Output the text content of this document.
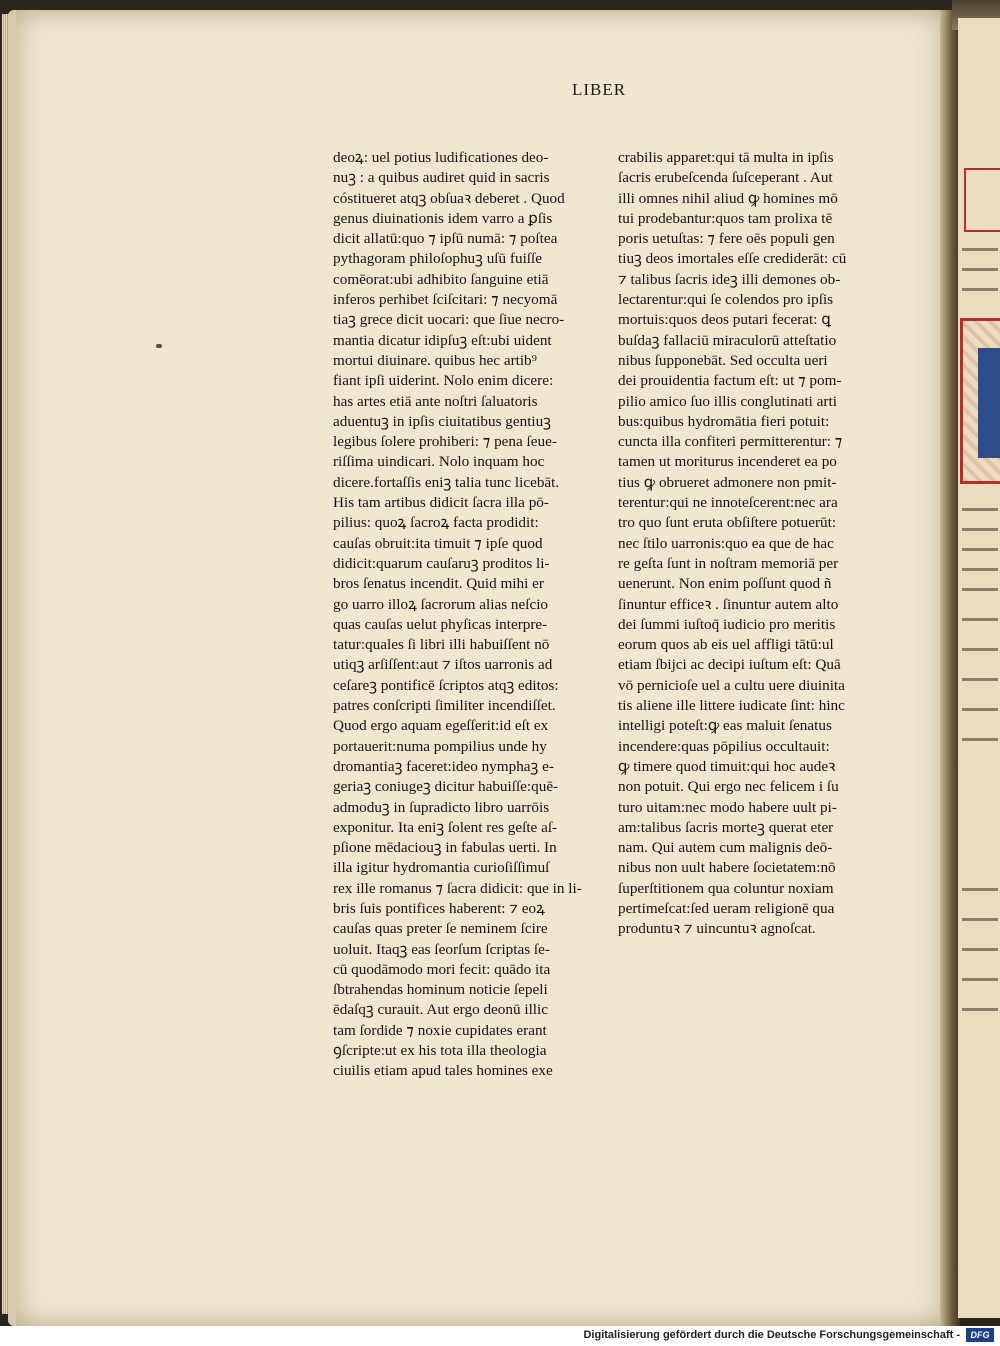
LIBER
deoꝝ: uel potius ludificationes deo-
nuꝫ : a quibus audiret quid in sacris
cóstitueret atqꝫ obſuaꝛ deberet . Quod
genus diuinationis idem varro a ꝑſis
dicit allatū:quo ⁊ ipſū numā: ⁊ poſtea
pythagoram philoſophuꝫ uſū fuiſſe
comēorat:ubi adhibito ſanguine etiā
inferos perhibet ſciſcitari: ⁊ necyomā
tiaꝫ grece dicit uocari: que ſiue necro-
mantia dicatur idipſuꝫ eſt:ubi uident
mortui diuinare. quibus hec artib⁹
fiant ipſi uiderint. Nolo enim dicere:
has artes etiā ante noſtri ſaluatoris
aduentuꝫ in ipſis ciuitatibus gentiuꝫ
legibus ſolere prohiberi: ⁊ pena ſeue-
riſſima uindicari. Nolo inquam hoc
dicere.fortaſſis eniꝫ talia tunc licebāt.
His tam artibus didicit ſacra illa pō-
pilius: quoꝝ ſacroꝝ facta prodidit:
cauſas obruit:ita timuit ⁊ ipſe quod
didicit:quarum cauſaruꝫ proditos li-
bros ſenatus incendit. Quid mihi er
go uarro illoꝝ ſacrorum alias neſcio
quas cauſas uelut phyſicas interpre-
tatur:quales ſi libri illi habuiſſent nō
utiqꝫ arſiſſent:aut ⁊ iſtos uarronis ad
ceſareꝫ pontificē ſcriptos atqꝫ editos:
patres conſcripti ſimiliter incendiſſet.
Quod ergo aquam egeſſerit:id eſt ex
portauerit:numa pompilius unde hy
dromantiaꝫ faceret:ideo nymphaꝫ e-
geriaꝫ coniugeꝫ dicitur habuiſſe:quē-
admoduꝫ in ſupradicto libro uarrōis
exponitur. Ita eniꝫ ſolent res geſte aſ-
pſione mēdaciouꝫ in fabulas uerti. In
illa igitur hydromantia curioſiſſimuſ
rex ille romanus ⁊ ſacra didicit: que in li-
bris ſuis pontifices haberent: ⁊ eoꝝ
cauſas quas preter ſe neminem ſcire
uoluit. Itaqꝫ eas ſeorſum ſcriptas ſe-
cū quodāmodo mori fecit: quādo ita
ſbtrahendas hominum noticie ſepeli
ēdaſqꝫ curauit. Aut ergo deonū illic
tam ſordide ⁊ noxie cupidates erant
ꝯſcripte:ut ex his tota illa theologia
ciuilis etiam apud tales homines exe
crabilis apparet:qui tā multa in ipſis
ſacris erubeſcenda ſuſceperant . Aut
illi omnes nihil aliud ꝙ homines mō
tui prodebantur:quos tam prolixa tē
poris uetuſtas: ⁊ fere oēs populi gen
tiuꝫ deos imortales eſſe crediderāt: cū
⁊ talibus ſacris ideꝫ illi demones ob-
lectarentur:qui ſe colendos pro ipſis
mortuis:quos deos putari fecerat: ꝗ
buſdaꝫ fallaciū miraculorū atteſtatio
nibus ſupponebāt. Sed occulta ueri
dei prouidentia factum eſt: ut ⁊ pom-
pilio amico ſuo illis conglutinati arti
bus:quibus hydromātia fieri potuit:
cuncta illa confiteri permitterentur: ⁊
tamen ut moriturus incenderet ea po
tius ꝙ obrueret admonere non pmit-
terentur:qui ne innoteſcerent:nec ara
tro quo ſunt eruta obſiſtere potuerūt:
nec ſtilo uarronis:quo ea que de hac
re geſta ſunt in noſtram memoriā per
uenerunt. Non enim poſſunt quod ñ
ſinuntur efficeꝛ . ſinuntur autem alto
dei ſummi iuſtoq̄ iudicio pro meritis
eorum quos ab eis uel affligi tātū:ul
etiam ſbijci ac decipi iuſtum eſt: Quā
vō pernicioſe uel a cultu uere diuinita
tis aliene ille littere iudicate ſint: hinc
intelligi poteſt:ꝙ eas maluit ſenatus
incendere:quas pōpilius occultauit:
ꝙ timere quod timuit:qui hoc audeꝛ
non potuit. Qui ergo nec felicem i ſu
turo uitam:nec modo habere uult pi-
am:talibus ſacris morteꝫ querat eter
nam. Qui autem cum malignis deō-
nibus non uult habere ſocietatem:nō
ſuperſtitionem qua coluntur noxiam
pertimeſcat:ſed ueram religionē qua
produntuꝛ ⁊ uincuntuꝛ agnoſcat.
Digitalisierung gefördert durch die Deutsche Forschungsgemeinschaft -	DFG
